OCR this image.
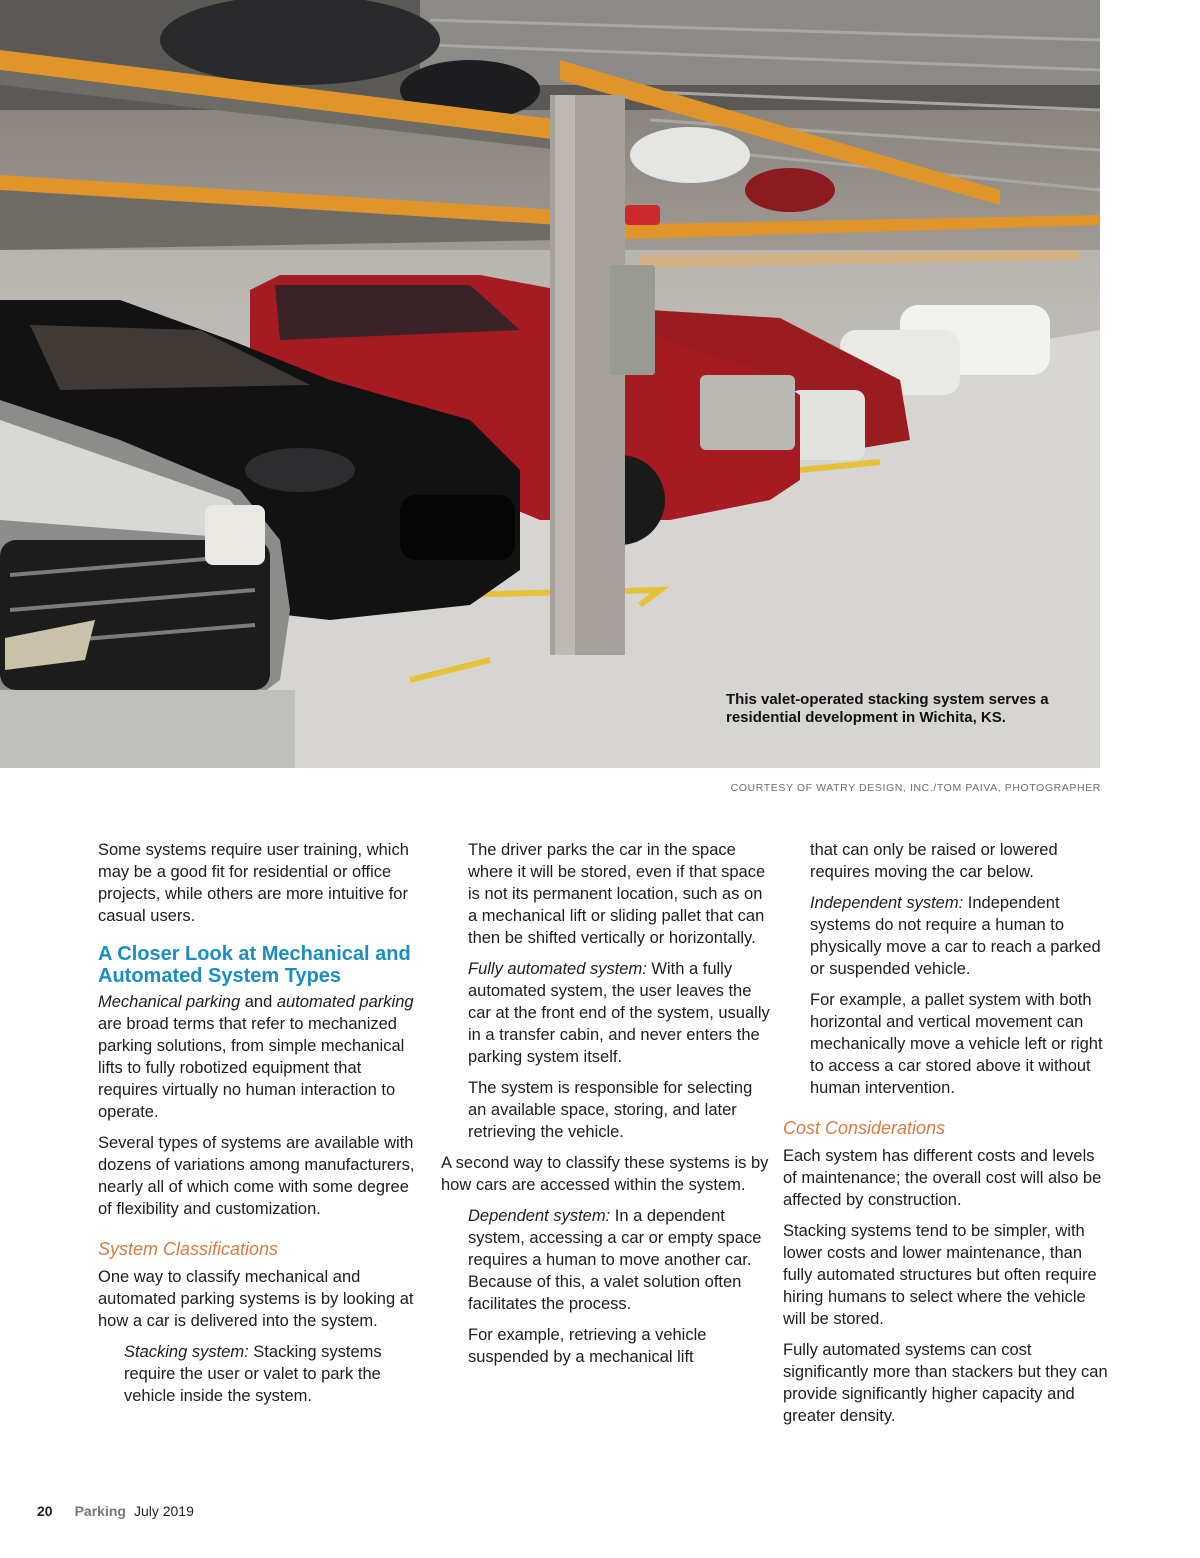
This valet-operated stacking system serves a residential development in Wichita, KS.
COURTESY OF WATRY DESIGN, INC./TOM PAIVA, PHOTOGRAPHER

Some systems require user training, which may be a good fit for residential or office projects, while others are more intuitive for casual users.

A Closer Look at Mechanical and Automated System Types

Mechanical parking and automated parking are broad terms that refer to mechanized parking solutions, from simple mechanical lifts to fully robotized equipment that requires virtually no human interaction to operate.

Several types of systems are available with dozens of variations among manufacturers, nearly all of which come with some degree of flexibility and customization.

System Classifications

One way to classify mechanical and automated parking systems is by looking at how a car is delivered into the system.

Stacking system: Stacking systems require the user or valet to park the vehicle inside the system.

The driver parks the car in the space where it will be stored, even if that space is not its permanent location, such as on a mechanical lift or sliding pallet that can then be shifted vertically or horizontally.

Fully automated system: With a fully automated system, the user leaves the car at the front end of the system, usually in a transfer cabin, and never enters the parking system itself.

The system is responsible for selecting an available space, storing, and later retrieving the vehicle.

A second way to classify these systems is by how cars are accessed within the system.

Dependent system: In a dependent system, accessing a car or empty space requires a human to move another car. Because of this, a valet solution often facilitates the process.

For example, retrieving a vehicle suspended by a mechanical lift

that can only be raised or lowered requires moving the car below.

Independent system: Independent systems do not require a human to physically move a car to reach a parked or suspended vehicle.

For example, a pallet system with both horizontal and vertical movement can mechanically move a vehicle left or right to access a car stored above it without human intervention.

Cost Considerations

Each system has different costs and levels of maintenance; the overall cost will also be affected by construction.

Stacking systems tend to be simpler, with lower costs and lower maintenance, than fully automated structures but often require hiring humans to select where the vehicle will be stored.

Fully automated systems can cost significantly more than stackers but they can provide significantly higher capacity and greater density.

20 Parking July 2019
